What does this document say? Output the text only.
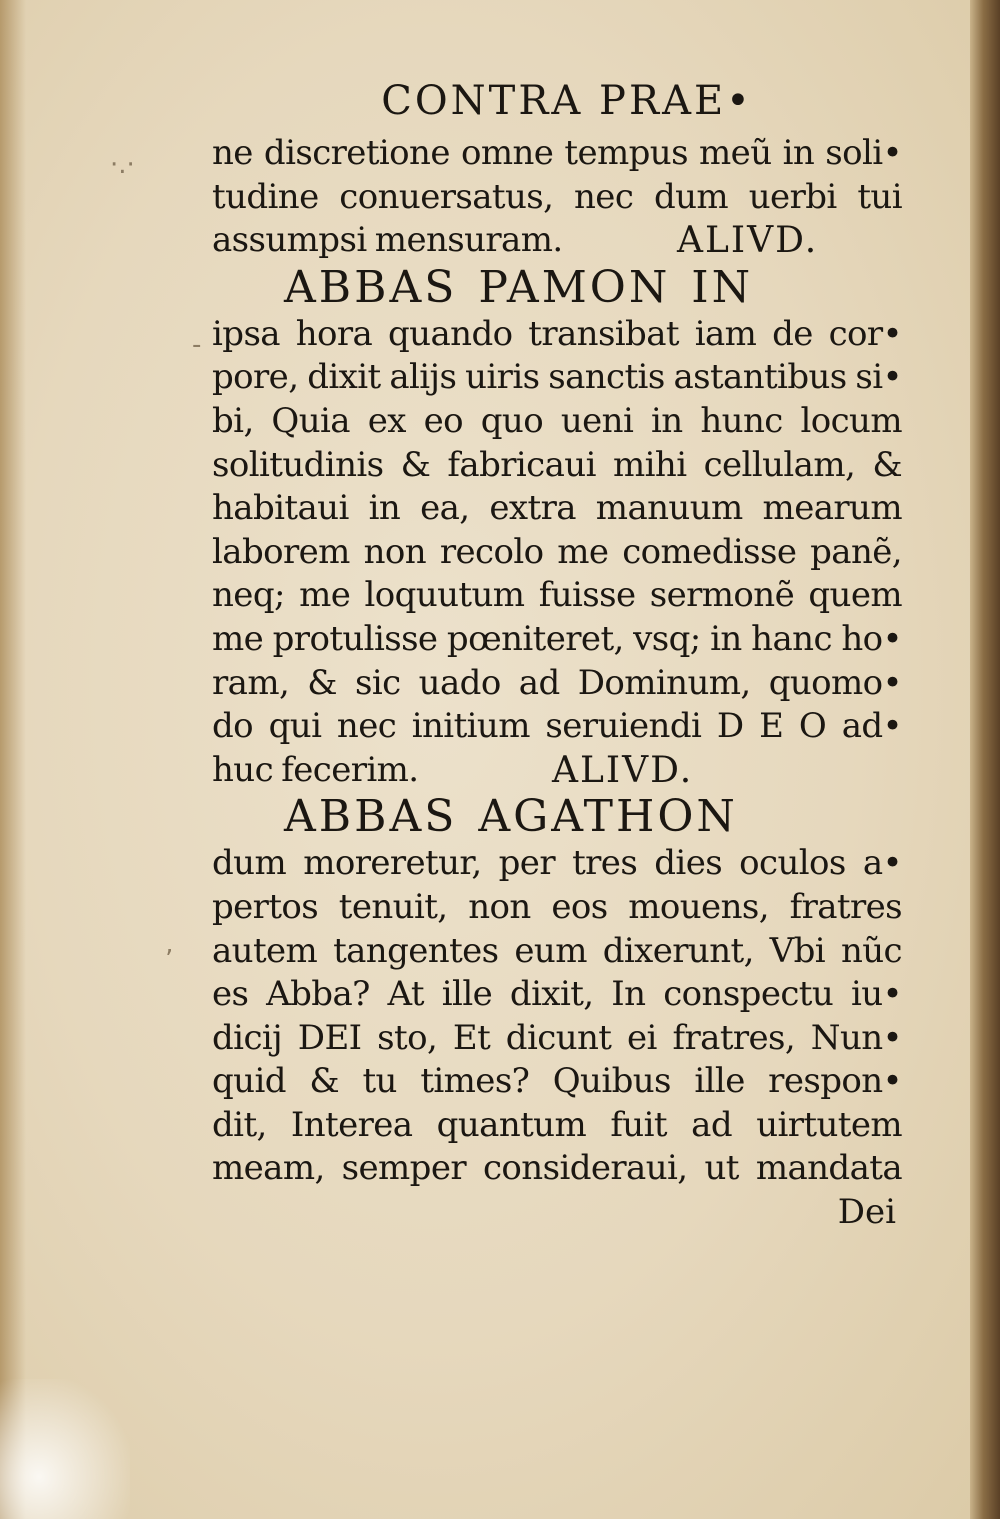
CONTRA PRAE•
ne discretione omne tempus meũ in soli•
tudine conuersatus, nec dum uerbi tui
assumpsi mensuram.	ALIVD.
ABBAS PAMON IN
ipsa hora quando transibat iam de cor•
pore, dixit alijs uiris sanctis astantibus si•
bi, Quia ex eo quo ueni in hunc locum
solitudinis & fabricaui mihi cellulam, &
habitaui in ea, extra manuum mearum
laborem non recolo me comedisse panẽ,
neq; me loquutum fuisse sermonẽ quem
me protulisse pœniteret, vsq; in hanc ho•
ram, & sic uado ad Dominum, quomo•
do qui nec initium seruiendi D E O ad•
huc fecerim.	ALIVD.
ABBAS AGATHON
dum moreretur, per tres dies oculos a•
pertos tenuit, non eos mouens, fratres
autem tangentes eum dixerunt, Vbi nũc
es Abba? At ille dixit, In conspectu iu•
dicij DEI sto, Et dicunt ei fratres, Nun•
quid & tu times? Quibus ille respon•
dit, Interea quantum fuit ad uirtutem
meam, semper consideraui, ut mandata
Dei
·.·
-
ʼ
